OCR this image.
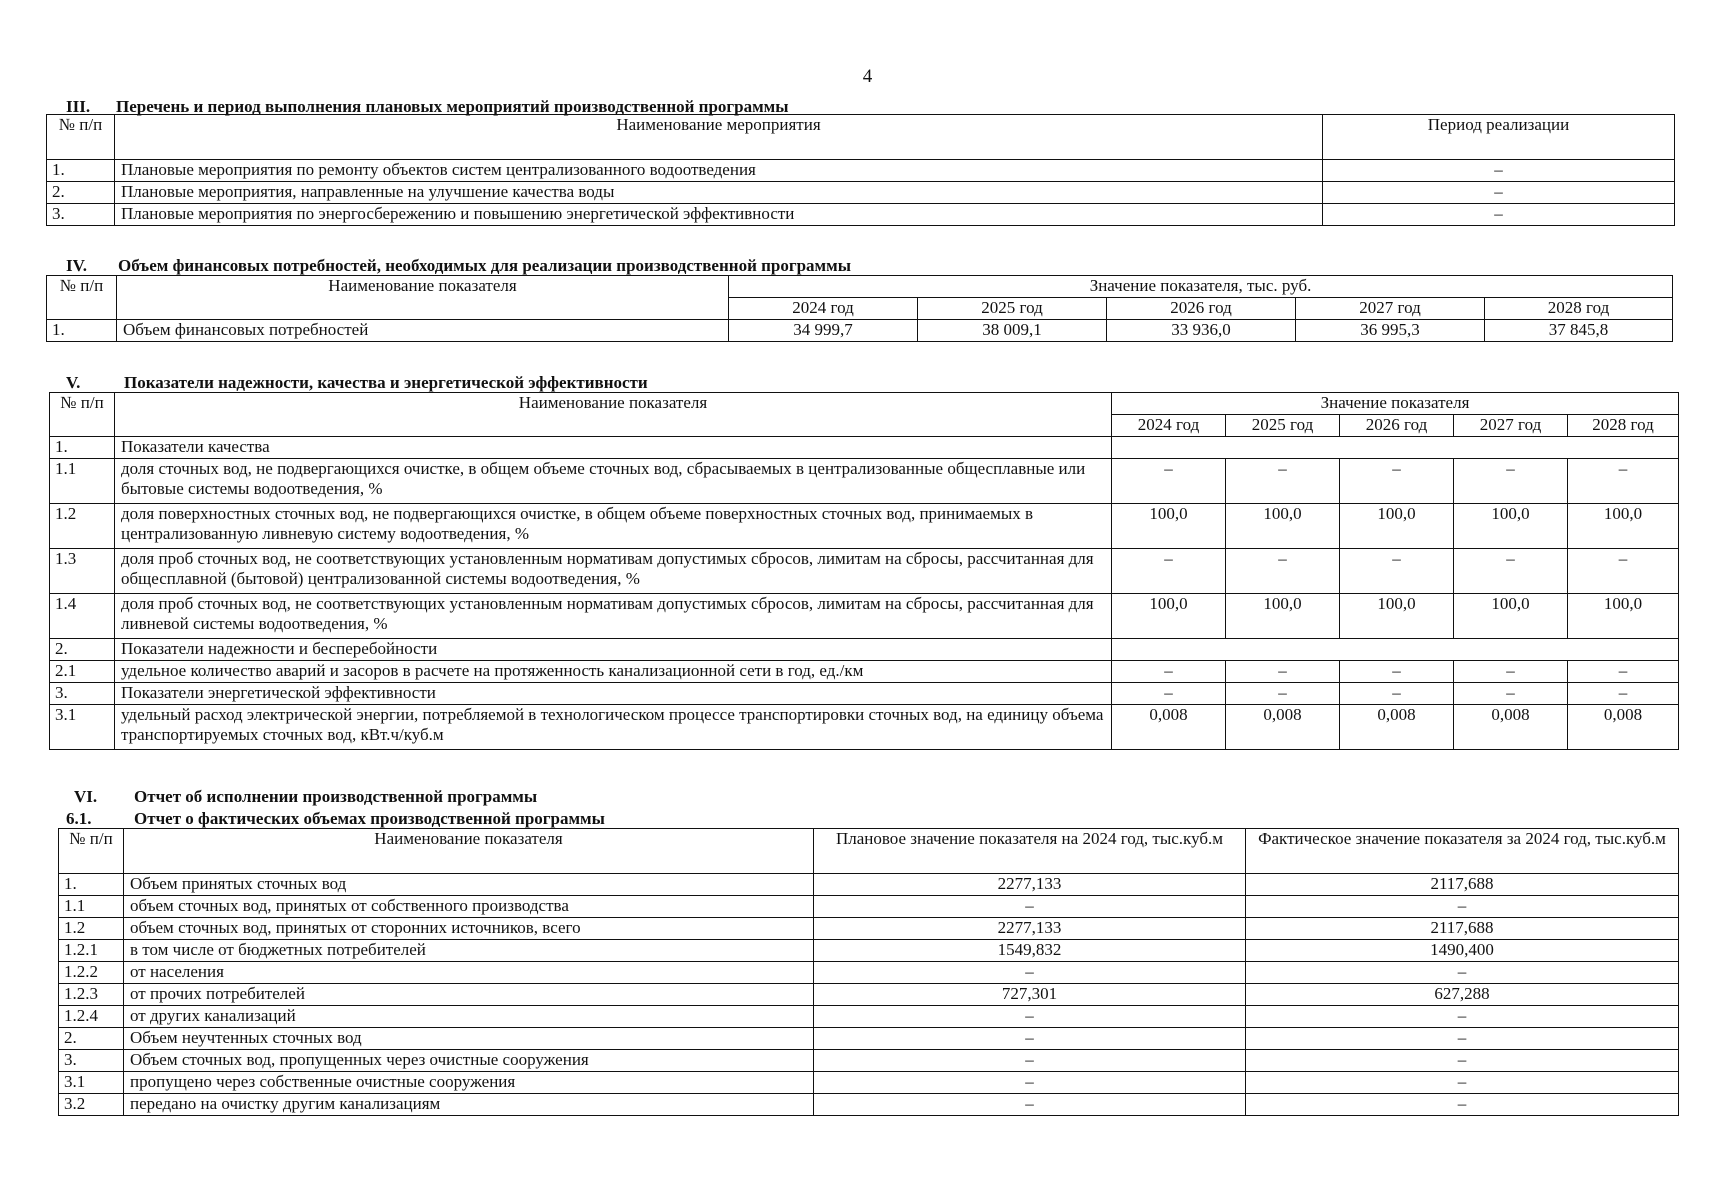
4
III. Перечень и период выполнения плановых мероприятий производственной программы
№ п/п	Наименование мероприятия	Период реализации
1.	Плановые мероприятия по ремонту объектов систем централизованного водоотведения	–
2.	Плановые мероприятия, направленные на улучшение качества воды	–
3.	Плановые мероприятия по энергосбережению и повышению энергетической эффективности	–
IV. Объем финансовых потребностей, необходимых для реализации производственной программы
№ п/п	Наименование показателя	Значение показателя, тыс. руб.				
		2024 год	2025 год	2026 год	2027 год	2028 год
1.	Объем финансовых потребностей	34 999,7	38 009,1	33 936,0	36 995,3	37 845,8
V.	Показатели надежности, качества и энергетической эффективности
№ п/п	Наименование показателя	Значение показателя				
		2024 год	2025 год	2026 год	2027 год	2028 год
1.	Показатели качества					
1.1	доля сточных вод, не подвергающихся очистке, в общем объеме сточных вод, сбрасываемых в централизованные общесплавные или бытовые системы водоотведения, %	–	–	–	–	–
1.2	доля поверхностных сточных вод, не подвергающихся очистке, в общем объеме поверхностных сточных вод, принимаемых в централизованную ливневую систему водоотведения, %	100,0	100,0	100,0	100,0	100,0
1.3	доля проб сточных вод, не соответствующих установленным нормативам допустимых сбросов, лимитам на сбросы, рассчитанная для общесплавной (бытовой) централизованной системы водоотведения, %	–	–	–	–	–
1.4	доля проб сточных вод, не соответствующих установленным нормативам допустимых сбросов, лимитам на сбросы, рассчитанная для ливневой системы водоотведения, %	100,0	100,0	100,0	100,0	100,0
2.	Показатели надежности и бесперебойности					
2.1	удельное количество аварий и засоров в расчете на протяженность канализационной сети в год, ед./км	–	–	–	–	–
3.	Показатели энергетической эффективности	–	–	–	–	–
3.1	удельный расход электрической энергии, потребляемой в технологическом процессе транспортировки сточных вод, на единицу объема транспортируемых сточных вод, кВт.ч/куб.м	0,008	0,008	0,008	0,008	0,008
VI. Отчет об исполнении производственной программы
6.1.	Отчет о фактических объемах производственной программы
№ п/п	Наименование показателя	Плановое значение показателя на 2024 год, тыс.куб.м	Фактическое значение показателя за 2024 год, тыс.куб.м
1.	Объем принятых сточных вод	2277,133	2117,688
1.1	объем сточных вод, принятых от собственного производства	–	–
1.2	объем сточных вод, принятых от сторонних источников, всего	2277,133	2117,688
1.2.1	в том числе от бюджетных потребителей	1549,832	1490,400
1.2.2	от населения	–	–
1.2.3	от прочих потребителей	727,301	627,288
1.2.4	от других канализаций	–	–
2.	Объем неучтенных сточных вод	–	–
3.	Объем сточных вод, пропущенных через очистные сооружения	–	–
3.1	пропущено через собственные очистные сооружения	–	–
3.2	передано на очистку другим канализациям	–	–
